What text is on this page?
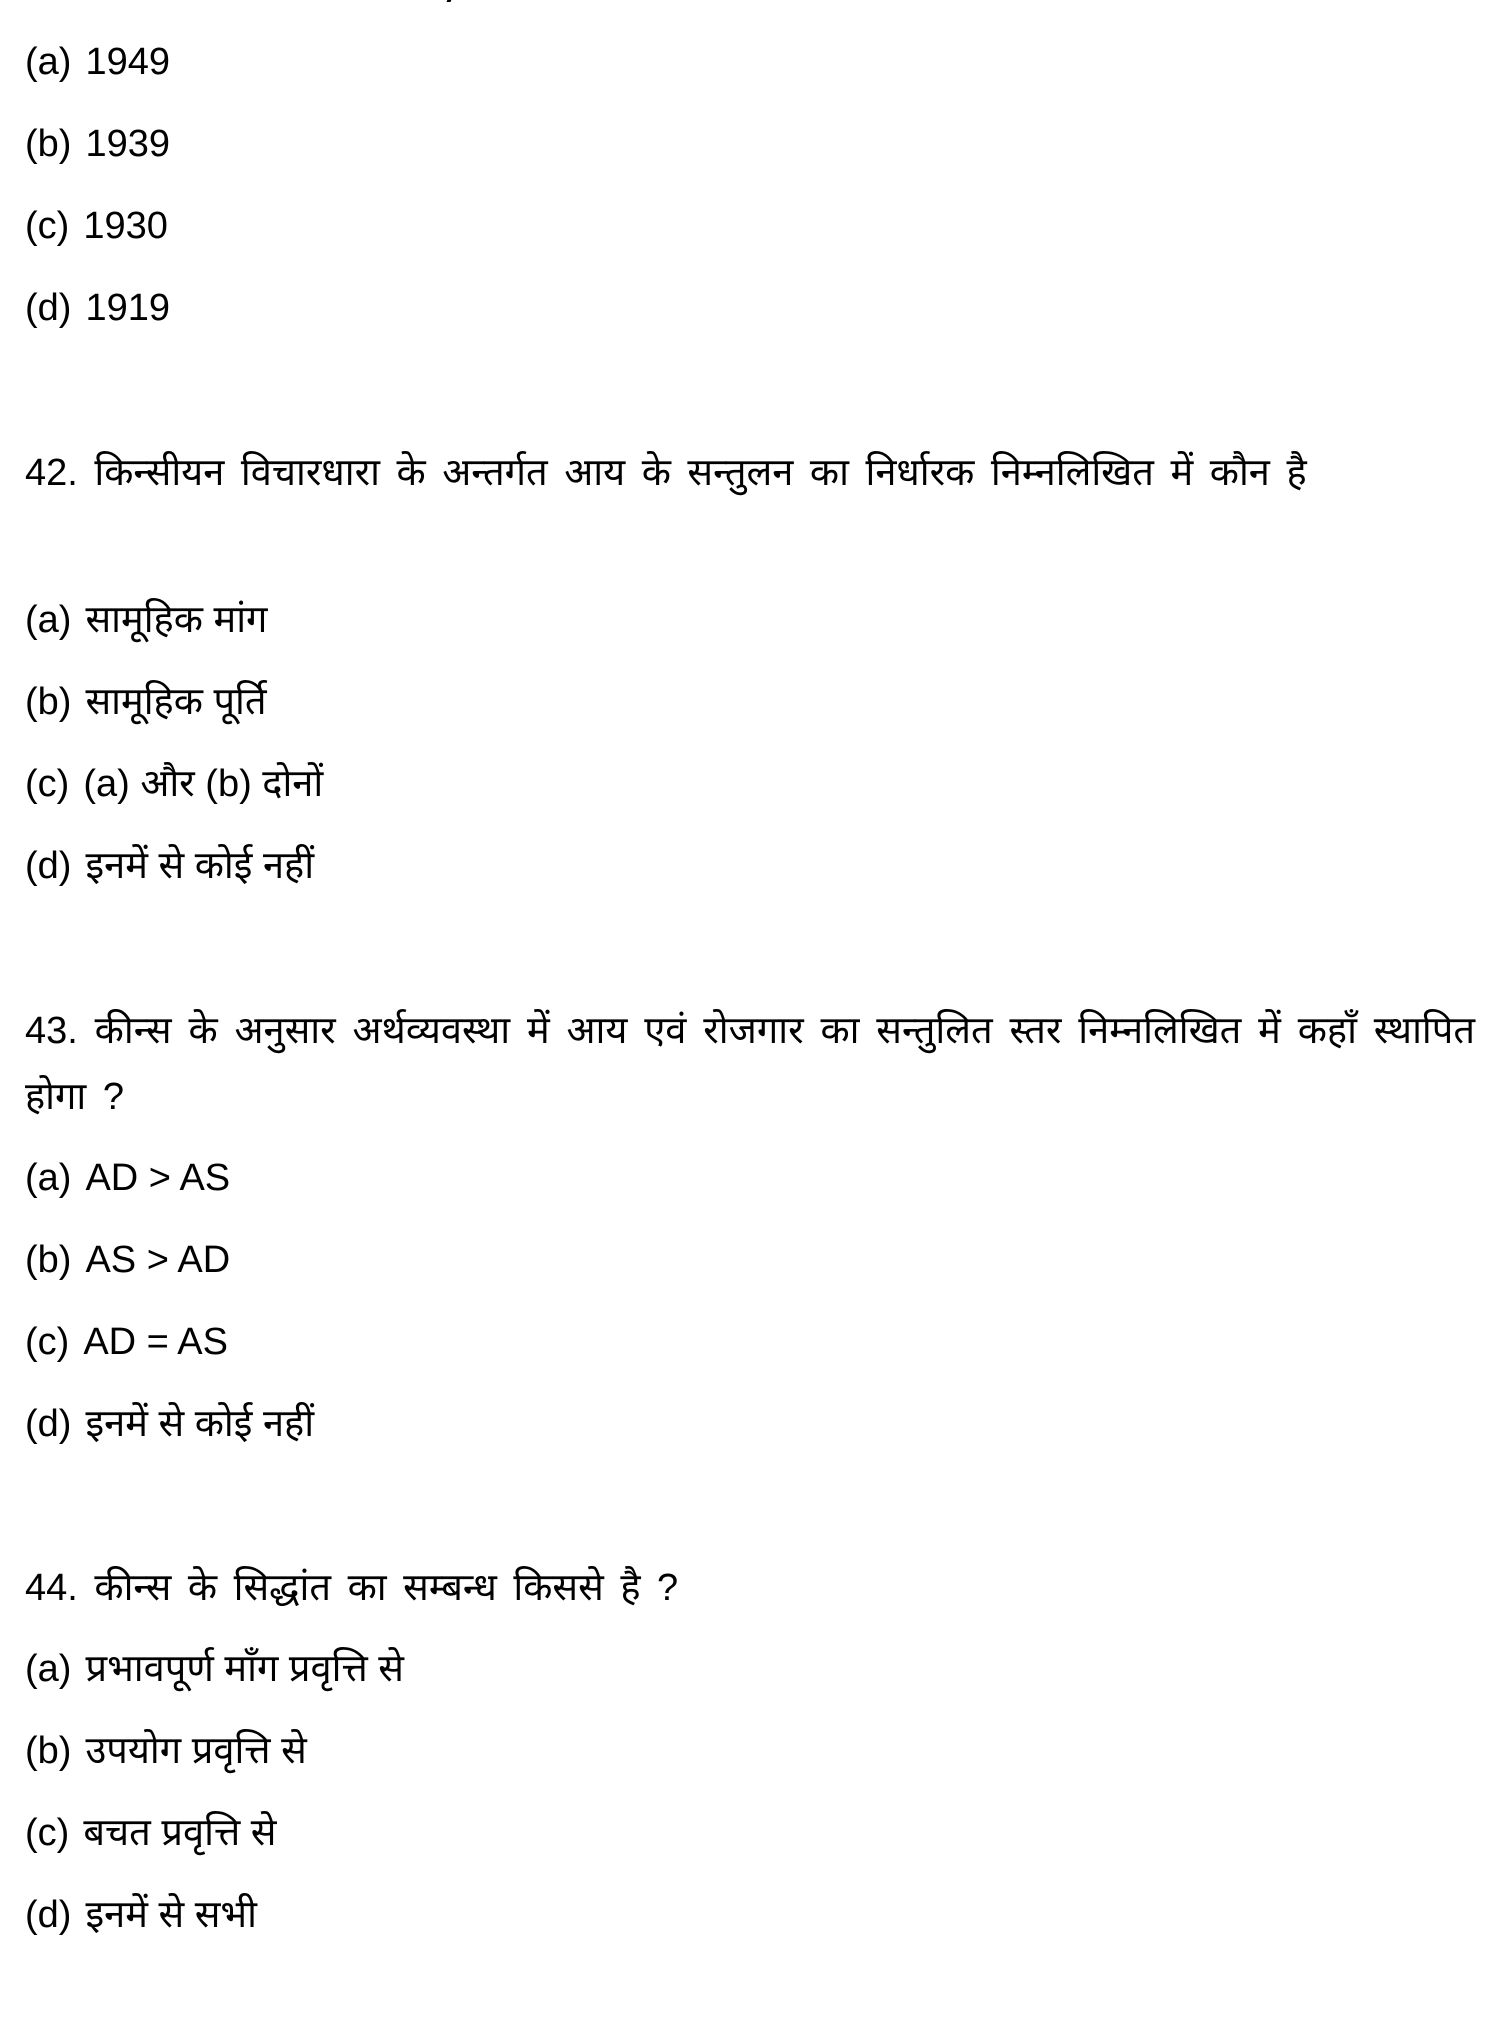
(a) 1949
(b) 1939
(c) 1930
(d) 1919
42. किन्सीयन विचारधारा के अन्तर्गत आय के सन्तुलन का निर्धारक निम्नलिखित में कौन है
(a) सामूहिक मांग
(b) सामूहिक पूर्ति
(c) (a) और (b) दोनों
(d) इनमें से कोई नहीं
43. कीन्स के अनुसार अर्थव्यवस्था में आय एवं रोजगार का सन्तुलित स्तर निम्नलिखित में कहाँ स्थापित होगा ?
(a) AD > AS
(b) AS > AD
(c) AD = AS
(d) इनमें से कोई नहीं
44. कीन्स के सिद्धांत का सम्बन्ध किससे है ?
(a) प्रभावपूर्ण माँग प्रवृत्ति से
(b) उपयोग प्रवृत्ति से
(c) बचत प्रवृत्ति से
(d) इनमें से सभी
